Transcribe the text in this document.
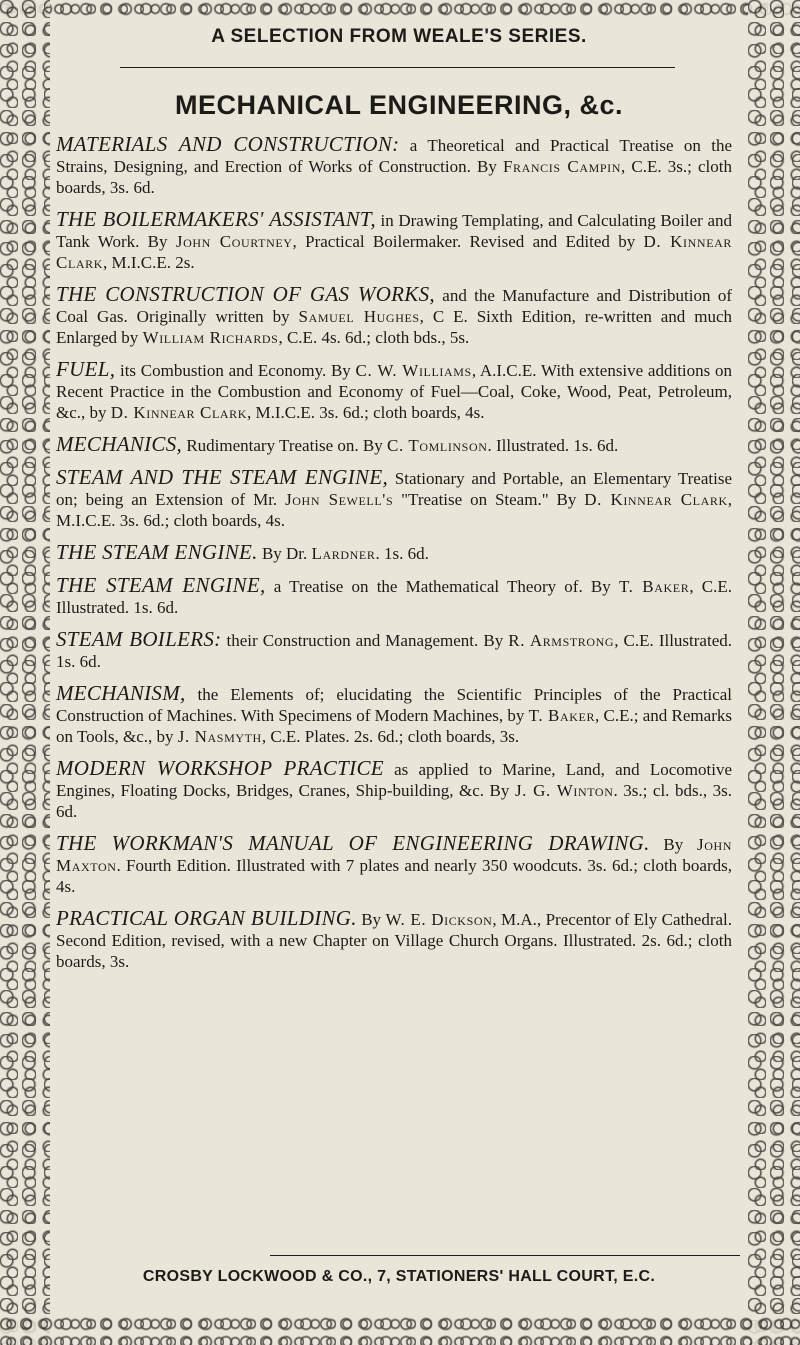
A SELECTION FROM WEALE'S SERIES.
MECHANICAL ENGINEERING, &c.

MATERIALS AND CONSTRUCTION: a Theoretical and Practical Treatise on the Strains, Designing, and Erection of Works of Construction. By Francis Campin, C.E. 3s.; cloth boards, 3s. 6d.

THE BOILERMAKERS' ASSISTANT, in Drawing Templating, and Calculating Boiler and Tank Work. By John Courtney, Practical Boilermaker. Revised and Edited by D. Kinnear Clark, M.I.C.E. 2s.

THE CONSTRUCTION OF GAS WORKS, and the Manufacture and Distribution of Coal Gas. Originally written by Samuel Hughes, C E. Sixth Edition, re-written and much Enlarged by William Richards, C.E. 4s. 6d.; cloth bds., 5s.

FUEL, its Combustion and Economy. By C. W. Williams, A.I.C.E. With extensive additions on Recent Practice in the Combustion and Economy of Fuel—Coal, Coke, Wood, Peat, Petroleum, &c., by D. Kinnear Clark, M.I.C.E. 3s. 6d.; cloth boards, 4s.

MECHANICS, Rudimentary Treatise on. By C. Tomlinson. Illustrated. 1s. 6d.

STEAM AND THE STEAM ENGINE, Stationary and Portable, an Elementary Treatise on; being an Extension of Mr. John Sewell's "Treatise on Steam." By D. Kinnear Clark, M.I.C.E. 3s. 6d.; cloth boards, 4s.

THE STEAM ENGINE. By Dr. Lardner. 1s. 6d.

THE STEAM ENGINE, a Treatise on the Mathematical Theory of. By T. Baker, C.E. Illustrated. 1s. 6d.

STEAM BOILERS: their Construction and Management. By R. Armstrong, C.E. Illustrated. 1s. 6d.

MECHANISM, the Elements of; elucidating the Scientific Principles of the Practical Construction of Machines. With Specimens of Modern Machines, by T. Baker, C.E.; and Remarks on Tools, &c., by J. Nasmyth, C.E. Plates. 2s. 6d.; cloth boards, 3s.

MODERN WORKSHOP PRACTICE as applied to Marine, Land, and Locomotive Engines, Floating Docks, Bridges, Cranes, Ship-building, &c. By J. G. Winton. 3s.; cl. bds., 3s. 6d.

THE WORKMAN'S MANUAL OF ENGINEERING DRAWING. By John Maxton. Fourth Edition. Illustrated with 7 plates and nearly 350 woodcuts. 3s. 6d.; cloth boards, 4s.

PRACTICAL ORGAN BUILDING. By W. E. Dickson, M.A., Precentor of Ely Cathedral. Second Edition, revised, with a new Chapter on Village Church Organs. Illustrated. 2s. 6d.; cloth boards, 3s.

CROSBY LOCKWOOD & CO., 7, STATIONERS' HALL COURT, E.C.
